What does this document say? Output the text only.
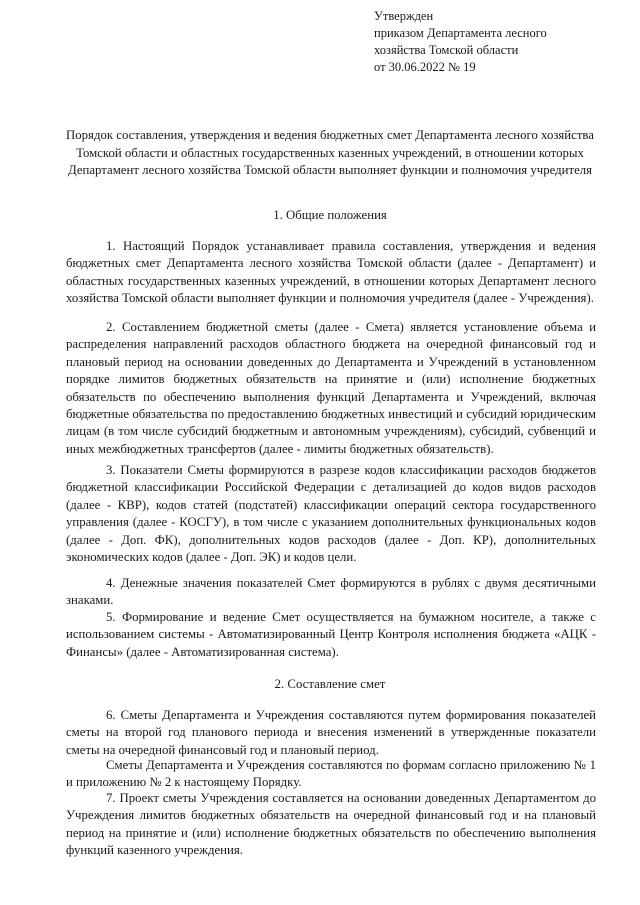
Утвержден
приказом Департамента лесного
хозяйства Томской области
от 30.06.2022 № 19
Порядок составления, утверждения и ведения бюджетных смет Департамента лесного хозяйства Томской области и областных государственных казенных учреждений, в отношении которых Департамент лесного хозяйства Томской области выполняет функции и полномочия учредителя
1. Общие положения

1. Настоящий Порядок устанавливает правила составления, утверждения и ведения бюджетных смет Департамента лесного хозяйства Томской области (далее - Департамент) и областных государственных казенных учреждений, в отношении которых Департамент лесного хозяйства Томской области выполняет функции и полномочия учредителя (далее - Учреждения).

2. Составлением бюджетной сметы (далее - Смета) является установление объема и распределения направлений расходов областного бюджета на очередной финансовый год и плановый период на основании доведенных до Департамента и Учреждений в установленном порядке лимитов бюджетных обязательств на принятие и (или) исполнение бюджетных обязательств по обеспечению выполнения функций Департамента и Учреждений, включая бюджетные обязательства по предоставлению бюджетных инвестиций и субсидий юридическим лицам (в том числе субсидий бюджетным и автономным учреждениям), субсидий, субвенций и иных межбюджетных трансфертов (далее - лимиты бюджетных обязательств).

3. Показатели Сметы формируются в разрезе кодов классификации расходов бюджетов бюджетной классификации Российской Федерации с детализацией до кодов видов расходов (далее - КВР), кодов статей (подстатей) классификации операций сектора государственного управления (далее - КОСГУ), в том числе с указанием дополнительных функциональных кодов (далее - Доп. ФК), дополнительных кодов расходов (далее - Доп. КР), дополнительных экономических кодов (далее - Доп. ЭК) и кодов цели.

4. Денежные значения показателей Смет формируются в рублях с двумя десятичными знаками.

5. Формирование и ведение Смет осуществляется на бумажном носителе, а также с использованием системы - Автоматизированный Центр Контроля исполнения бюджета «АЦК - Финансы» (далее - Автоматизированная система).

2. Составление смет

6. Сметы Департамента и Учреждения составляются путем формирования показателей сметы на второй год планового периода и внесения изменений в утвержденные показатели сметы на очередной финансовый год и плановый период.

Сметы Департамента и Учреждения составляются по формам согласно приложению № 1 и приложению № 2 к настоящему Порядку.

7. Проект сметы Учреждения составляется на основании доведенных Департаментом до Учреждения лимитов бюджетных обязательств на очередной финансовый год и на плановый период на принятие и (или) исполнение бюджетных обязательств по обеспечению выполнения функций казенного учреждения.
